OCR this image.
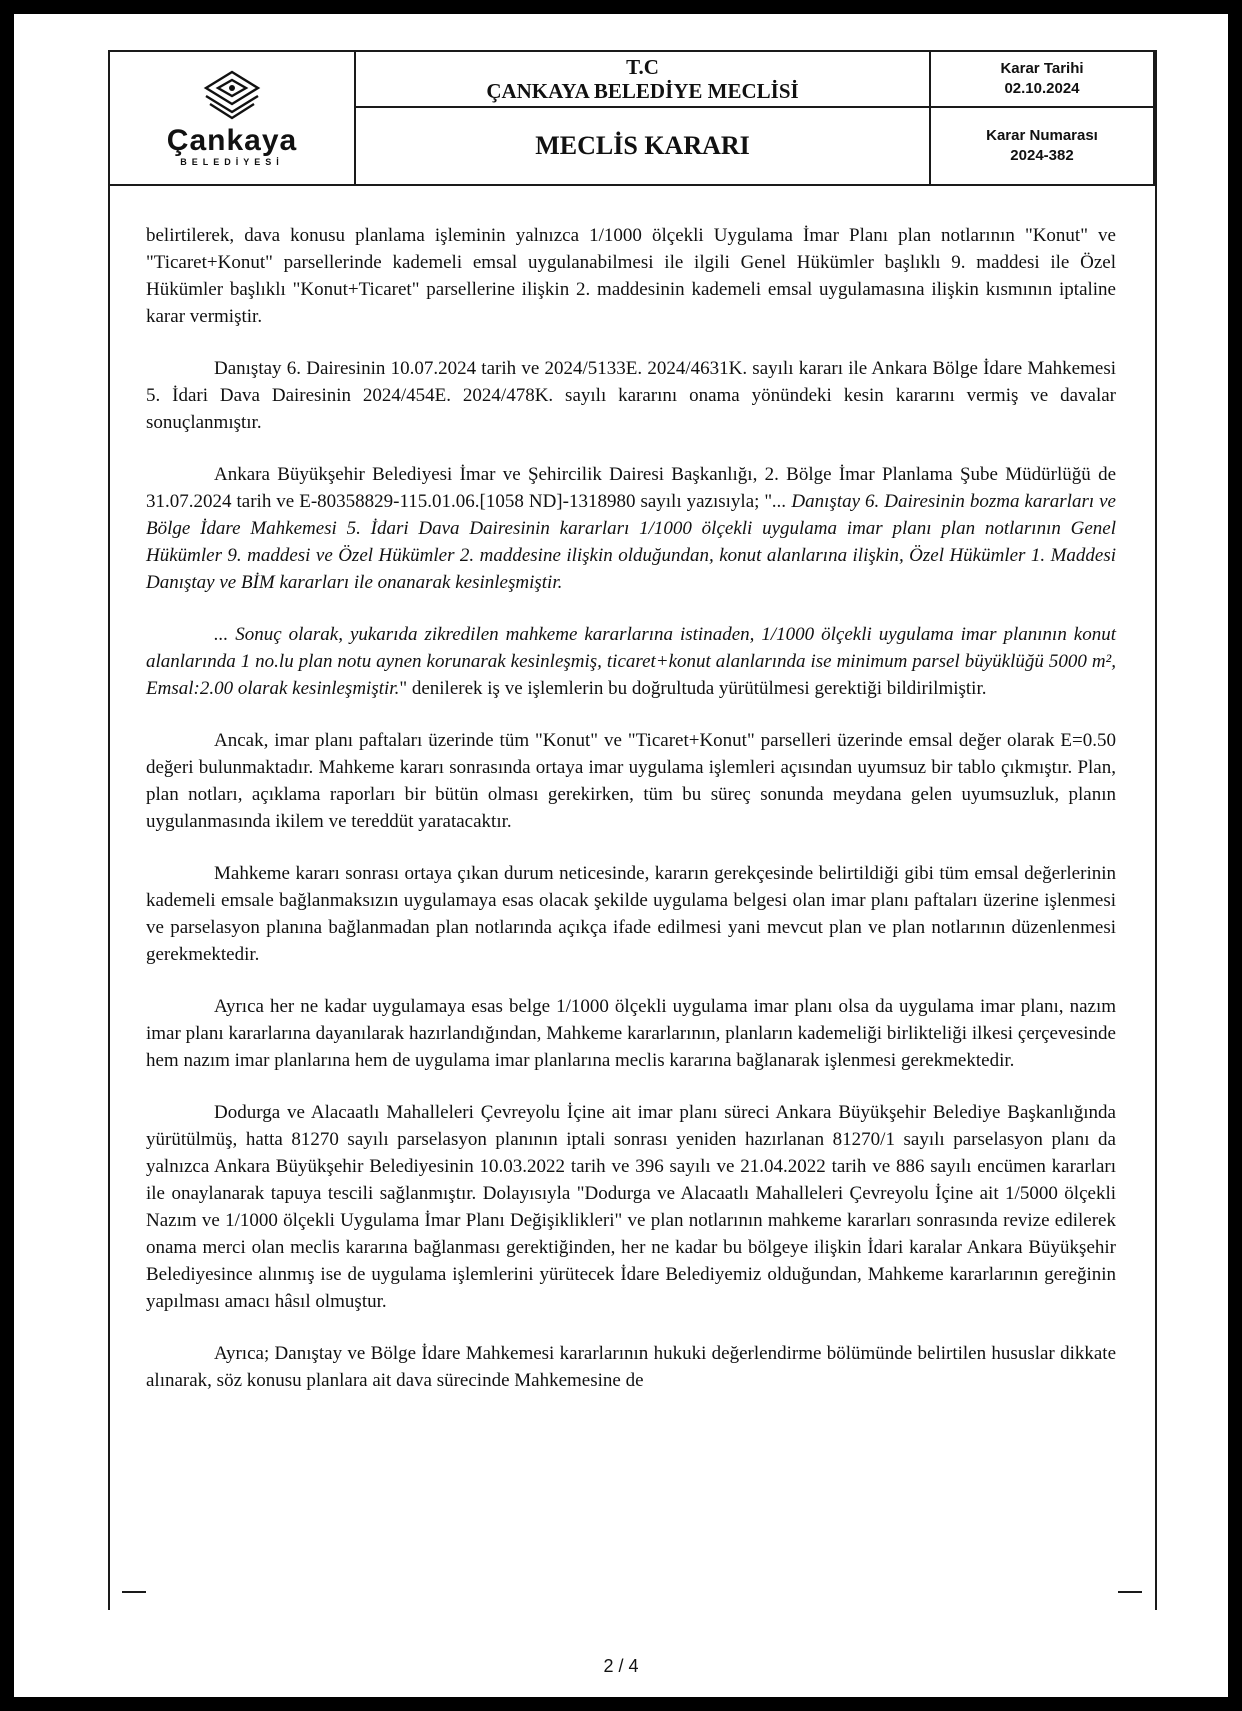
Çankaya
BELEDİYESİ
T.C
ÇANKAYA BELEDİYE MECLİSİ
MECLİS KARARI
Karar Tarihi
02.10.2024
Karar Numarası
2024-382

belirtilerek, dava konusu planlama işleminin yalnızca 1/1000 ölçekli Uygulama İmar Planı plan notlarının "Konut" ve "Ticaret+Konut" parsellerinde kademeli emsal uygulanabilmesi ile ilgili Genel Hükümler başlıklı 9. maddesi ile Özel Hükümler başlıklı "Konut+Ticaret" parsellerine ilişkin 2. maddesinin kademeli emsal uygulamasına ilişkin kısmının iptaline karar vermiştir.

Danıştay 6. Dairesinin 10.07.2024 tarih ve 2024/5133E. 2024/4631K. sayılı kararı ile Ankara Bölge İdare Mahkemesi 5. İdari Dava Dairesinin 2024/454E. 2024/478K. sayılı kararını onama yönündeki kesin kararını vermiş ve davalar sonuçlanmıştır.

Ankara Büyükşehir Belediyesi İmar ve Şehircilik Dairesi Başkanlığı, 2. Bölge İmar Planlama Şube Müdürlüğü de 31.07.2024 tarih ve E-80358829-115.01.06.[1058 ND]-1318980 sayılı yazısıyla; "... Danıştay 6. Dairesinin bozma kararları ve Bölge İdare Mahkemesi 5. İdari Dava Dairesinin kararları 1/1000 ölçekli uygulama imar planı plan notlarının Genel Hükümler 9. maddesi ve Özel Hükümler 2. maddesine ilişkin olduğundan, konut alanlarına ilişkin, Özel Hükümler 1. Maddesi Danıştay ve BİM kararları ile onanarak kesinleşmiştir.

... Sonuç olarak, yukarıda zikredilen mahkeme kararlarına istinaden, 1/1000 ölçekli uygulama imar planının konut alanlarında 1 no.lu plan notu aynen korunarak kesinleşmiş, ticaret+konut alanlarında ise minimum parsel büyüklüğü 5000 m², Emsal:2.00 olarak kesinleşmiştir." denilerek iş ve işlemlerin bu doğrultuda yürütülmesi gerektiği bildirilmiştir.

Ancak, imar planı paftaları üzerinde tüm "Konut" ve "Ticaret+Konut" parselleri üzerinde emsal değer olarak E=0.50 değeri bulunmaktadır. Mahkeme kararı sonrasında ortaya imar uygulama işlemleri açısından uyumsuz bir tablo çıkmıştır. Plan, plan notları, açıklama raporları bir bütün olması gerekirken, tüm bu süreç sonunda meydana gelen uyumsuzluk, planın uygulanmasında ikilem ve tereddüt yaratacaktır.

Mahkeme kararı sonrası ortaya çıkan durum neticesinde, kararın gerekçesinde belirtildiği gibi tüm emsal değerlerinin kademeli emsale bağlanmaksızın uygulamaya esas olacak şekilde uygulama belgesi olan imar planı paftaları üzerine işlenmesi ve parselasyon planına bağlanmadan plan notlarında açıkça ifade edilmesi yani mevcut plan ve plan notlarının düzenlenmesi gerekmektedir.

Ayrıca her ne kadar uygulamaya esas belge 1/1000 ölçekli uygulama imar planı olsa da uygulama imar planı, nazım imar planı kararlarına dayanılarak hazırlandığından, Mahkeme kararlarının, planların kademeliği birlikteliği ilkesi çerçevesinde hem nazım imar planlarına hem de uygulama imar planlarına meclis kararına bağlanarak işlenmesi gerekmektedir.

Dodurga ve Alacaatlı Mahalleleri Çevreyolu İçine ait imar planı süreci Ankara Büyükşehir Belediye Başkanlığında yürütülmüş, hatta 81270 sayılı parselasyon planının iptali sonrası yeniden hazırlanan 81270/1 sayılı parselasyon planı da yalnızca Ankara Büyükşehir Belediyesinin 10.03.2022 tarih ve 396 sayılı ve 21.04.2022 tarih ve 886 sayılı encümen kararları ile onaylanarak tapuya tescili sağlanmıştır. Dolayısıyla "Dodurga ve Alacaatlı Mahalleleri Çevreyolu İçine ait 1/5000 ölçekli Nazım ve 1/1000 ölçekli Uygulama İmar Planı Değişiklikleri" ve plan notlarının mahkeme kararları sonrasında revize edilerek onama merci olan meclis kararına bağlanması gerektiğinden, her ne kadar bu bölgeye ilişkin İdari karalar Ankara Büyükşehir Belediyesince alınmış ise de uygulama işlemlerini yürütecek İdare Belediyemiz olduğundan, Mahkeme kararlarının gereğinin yapılması amacı hâsıl olmuştur.

Ayrıca; Danıştay ve Bölge İdare Mahkemesi kararlarının hukuki değerlendirme bölümünde belirtilen hususlar dikkate alınarak, söz konusu planlara ait dava sürecinde Mahkemesine de

2 / 4
